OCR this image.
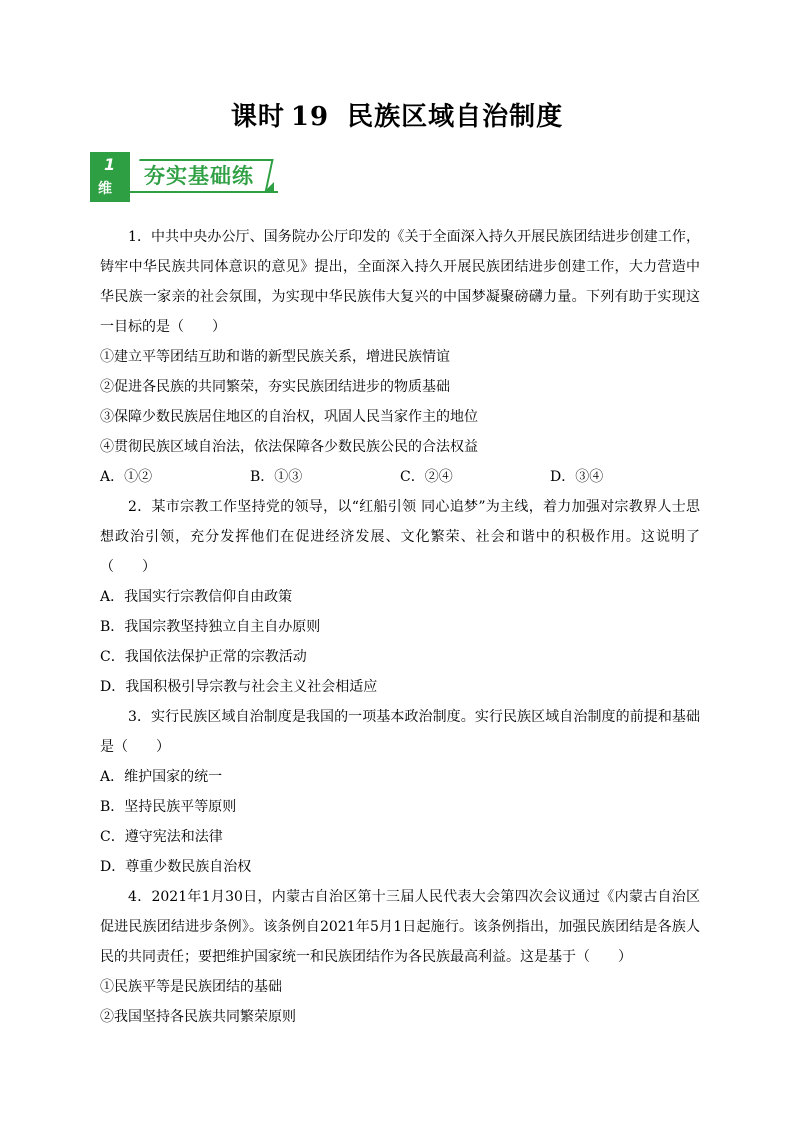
课时 19 民族区域自治制度
1
维
夯实基础练

1．中共中央办公厅、国务院办公厅印发的《关于全面深入持久开展民族团结进步创建工作，铸牢中华民族共同体意识的意见》提出，全面深入持久开展民族团结进步创建工作，大力营造中华民族一家亲的社会氛围，为实现中华民族伟大复兴的中国梦凝聚磅礴力量。下列有助于实现这一目标的是（　　）

①建立平等团结互助和谐的新型民族关系，增进民族情谊

②促进各民族的共同繁荣，夯实民族团结进步的物质基础

③保障少数民族居住地区的自治权，巩固人民当家作主的地位

④贯彻民族区域自治法，依法保障各少数民族公民的合法权益

A．①②	B．①③	C．②④	D．③④

2．某市宗教工作坚持党的领导，以“红船引领 同心追梦”为主线，着力加强对宗教界人士思想政治引领，充分发挥他们在促进经济发展、文化繁荣、社会和谐中的积极作用。这说明了（　　）

A．我国实行宗教信仰自由政策

B．我国宗教坚持独立自主自办原则

C．我国依法保护正常的宗教活动

D．我国积极引导宗教与社会主义社会相适应

3．实行民族区域自治制度是我国的一项基本政治制度。实行民族区域自治制度的前提和基础是（　　）

A．维护国家的统一

B．坚持民族平等原则

C．遵守宪法和法律

D．尊重少数民族自治权

4．2021年1月30日，内蒙古自治区第十三届人民代表大会第四次会议通过《内蒙古自治区促进民族团结进步条例》。该条例自2021年5月1日起施行。该条例指出，加强民族团结是各族人民的共同责任；要把维护国家统一和民族团结作为各民族最高利益。这是基于（　　）

①民族平等是民族团结的基础

②我国坚持各民族共同繁荣原则
